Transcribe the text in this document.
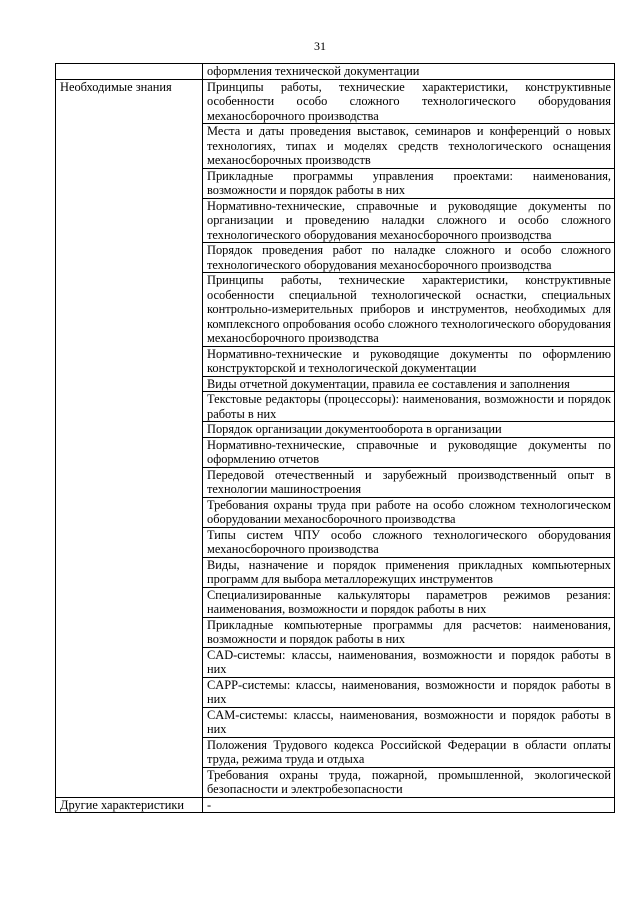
31
	оформления технической документации
Необходимые знания	Принципы работы, технические характеристики, конструктивные особенности особо сложного технологического оборудования механосборочного производства
	Места и даты проведения выставок, семинаров и конференций о новых технологиях, типах и моделях средств технологического оснащения механосборочных производств
	Прикладные программы управления проектами: наименования, возможности и порядок работы в них
	Нормативно-технические, справочные и руководящие документы по организации и проведению наладки сложного и особо сложного технологического оборудования механосборочного производства
	Порядок проведения работ по наладке сложного и особо сложного технологического оборудования механосборочного производства
	Принципы работы, технические характеристики, конструктивные особенности специальной технологической оснастки, специальных контрольно-измерительных приборов и инструментов, необходимых для комплексного опробования особо сложного технологического оборудования механосборочного производства
	Нормативно-технические и руководящие документы по оформлению конструкторской и технологической документации
	Виды отчетной документации, правила ее составления и заполнения
	Текстовые редакторы (процессоры): наименования, возможности и порядок работы в них
	Порядок организации документооборота в организации
	Нормативно-технические, справочные и руководящие документы по оформлению отчетов
	Передовой отечественный и зарубежный производственный опыт в технологии машиностроения
	Требования охраны труда при работе на особо сложном технологическом оборудовании механосборочного производства
	Типы систем ЧПУ особо сложного технологического оборудования механосборочного производства
	Виды, назначение и порядок применения прикладных компьютерных программ для выбора металлорежущих инструментов
	Специализированные калькуляторы параметров режимов резания: наименования, возможности и порядок работы в них
	Прикладные компьютерные программы для расчетов: наименования, возможности и порядок работы в них
	CAD-системы: классы, наименования, возможности и порядок работы в них
	CAPP-системы: классы, наименования, возможности и порядок работы в них
	CAM-системы: классы, наименования, возможности и порядок работы в них
	Положения Трудового кодекса Российской Федерации в области оплаты труда, режима труда и отдыха
	Требования охраны труда, пожарной, промышленной, экологической безопасности и электробезопасности
Другие характеристики	-
